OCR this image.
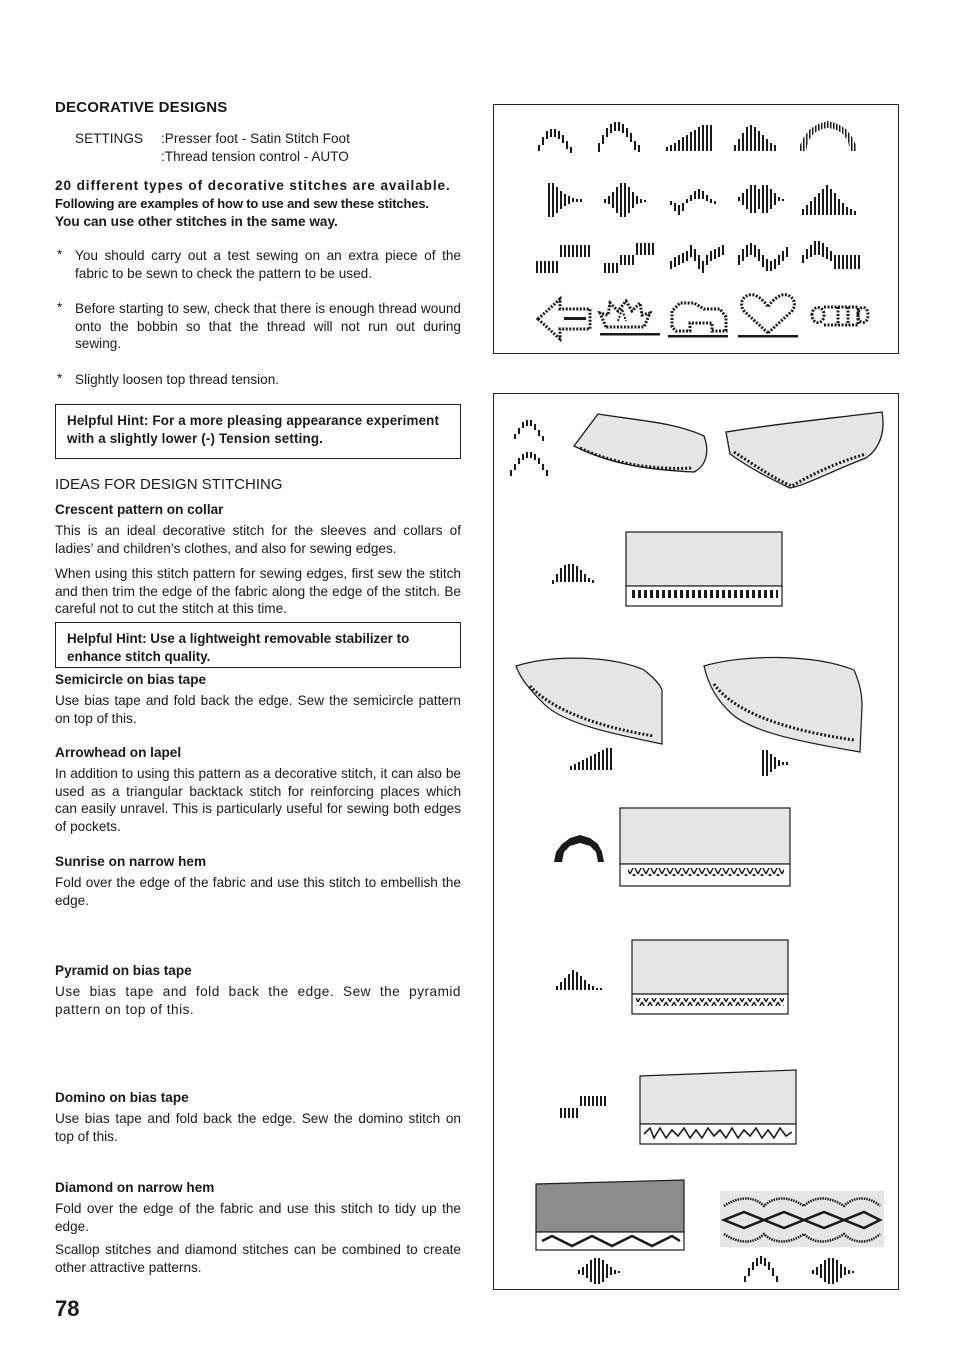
DECORATIVE DESIGNS
SETTINGS :Presser foot - Satin Stitch Foot
:Thread tension control - AUTO
20 different types of decorative stitches are available.
Following are examples of how to use and sew these stitches.
You can use other stitches in the same way.
* You should carry out a test sewing on an extra piece of the fabric to be sewn to check the pattern to be used.
* Before starting to sew, check that there is enough thread wound onto the bobbin so that the thread will not run out during sewing.
* Slightly loosen top thread tension.
Helpful Hint: For a more pleasing appearance experiment with a slightly lower (-) Tension setting.
IDEAS FOR DESIGN STITCHING
Crescent pattern on collar
This is an ideal decorative stitch for the sleeves and collars of ladies’ and children’s clothes, and also for sewing edges.
When using this stitch pattern for sewing edges, first sew the stitch and then trim the edge of the fabric along the edge of the stitch. Be careful not to cut the stitch at this time.
Helpful Hint: Use a lightweight removable stabilizer to enhance stitch quality.
Semicircle on bias tape
Use bias tape and fold back the edge. Sew the semicircle pattern on top of this.
Arrowhead on lapel
In addition to using this pattern as a decorative stitch, it can also be used as a triangular backtack stitch for reinforcing places which can easily unravel. This is particularly useful for sewing both edges of pockets.
Sunrise on narrow hem
Fold over the edge of the fabric and use this stitch to embellish the edge.
Pyramid on bias tape
Use bias tape and fold back the edge. Sew the pyramid pattern on top of this.
Domino on bias tape
Use bias tape and fold back the edge. Sew the domino stitch on top of this.
Diamond on narrow hem
Fold over the edge of the fabric and use this stitch to tidy up the edge.
Scallop stitches and diamond stitches can be combined to create other attractive patterns.
78
